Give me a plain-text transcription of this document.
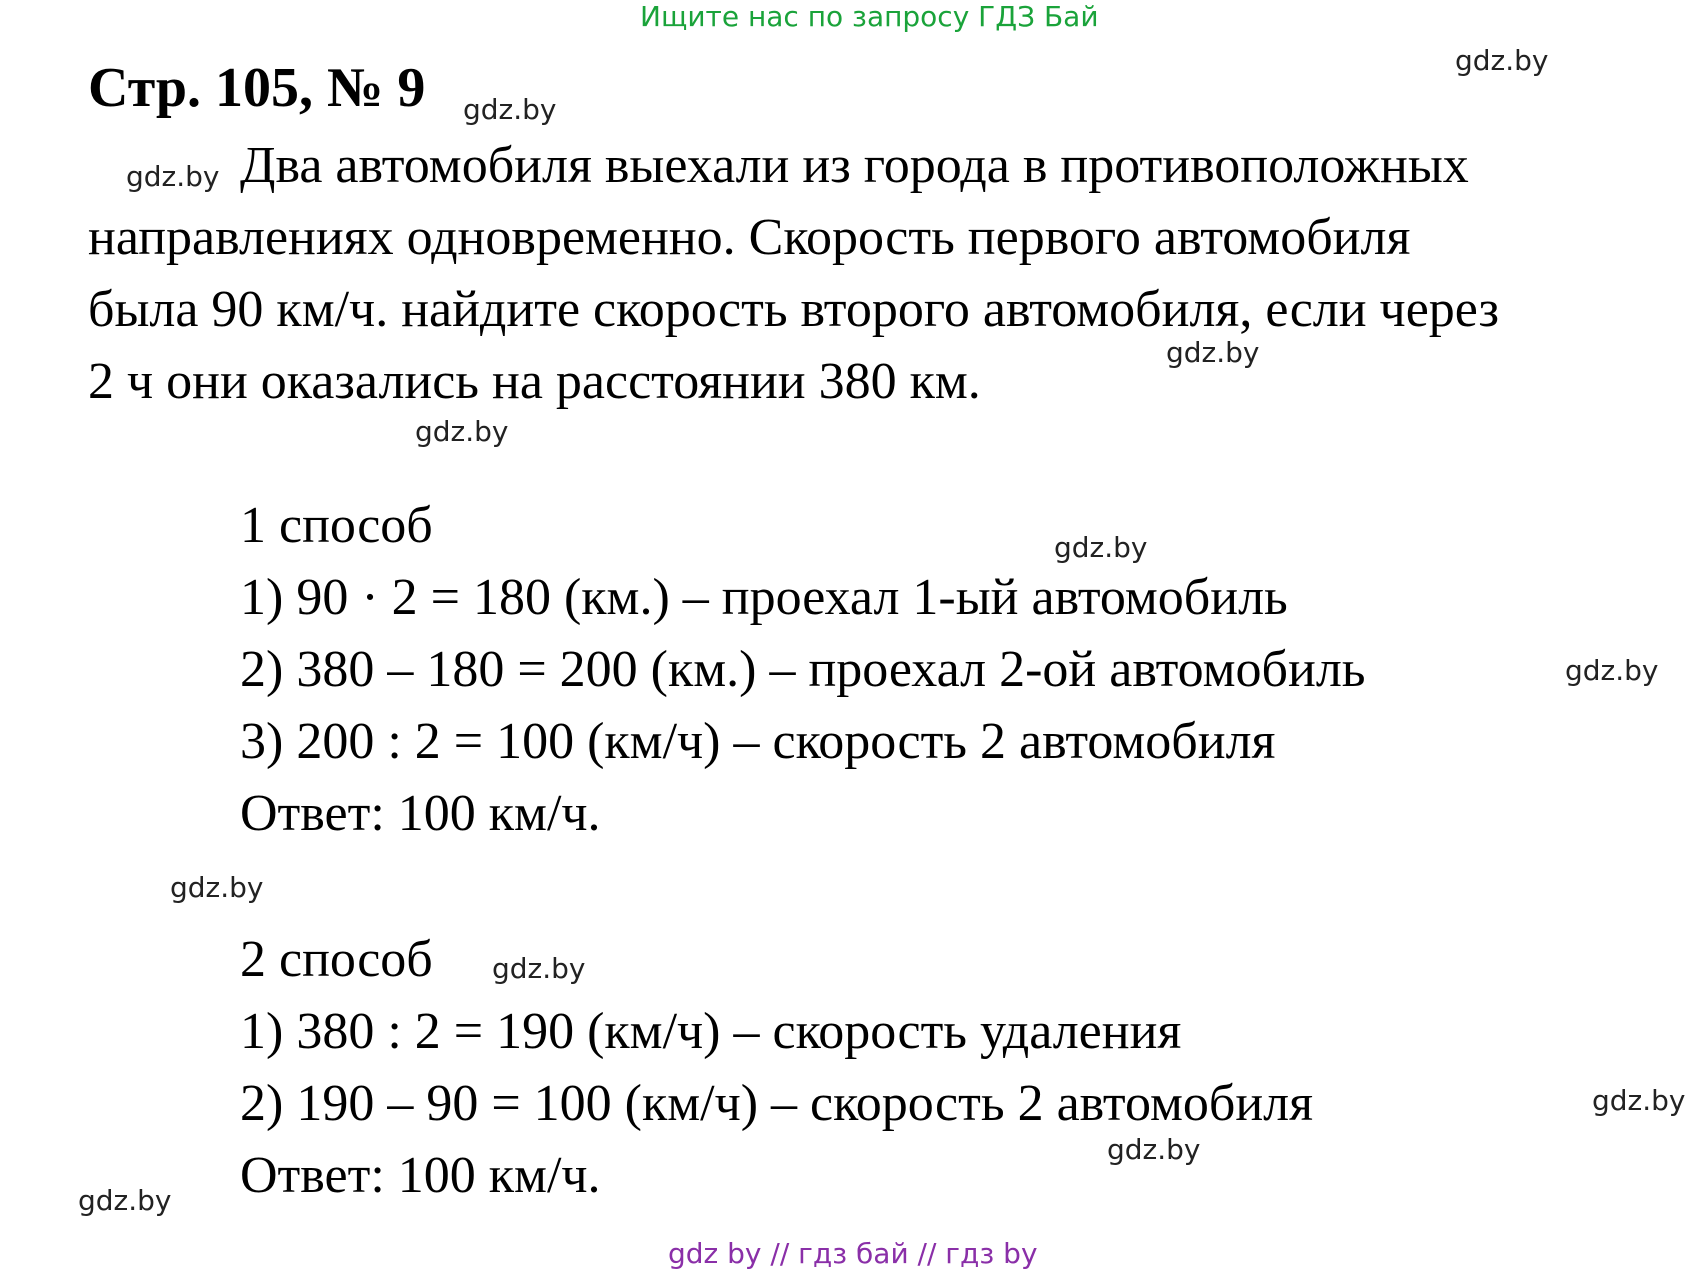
Ищите нас по запросу ГДЗ Бай
Стр. 105, № 9
Два автомобиля выехали из города в противоположных
направлениях одновременно. Скорость первого автомобиля
была 90 км/ч. найдите скорость второго автомобиля, если через
2 ч они оказались на расстоянии 380 км.
1 способ
1) 90 · 2 = 180 (км.) – проехал 1-ый автомобиль
2) 380 – 180 = 200 (км.) – проехал 2-ой автомобиль
3) 200 : 2 = 100 (км/ч) – скорость 2 автомобиля
Ответ: 100 км/ч.
2 способ
1) 380 : 2 = 190 (км/ч) – скорость удаления
2) 190 – 90 = 100 (км/ч) – скорость 2 автомобиля
Ответ: 100 км/ч.
gdz.by
gdz.by
gdz.by
gdz.by
gdz.by
gdz.by
gdz.by
gdz.by
gdz.by
gdz.by
gdz.by
gdz.by
gdz by // гдз бай // гдз by
